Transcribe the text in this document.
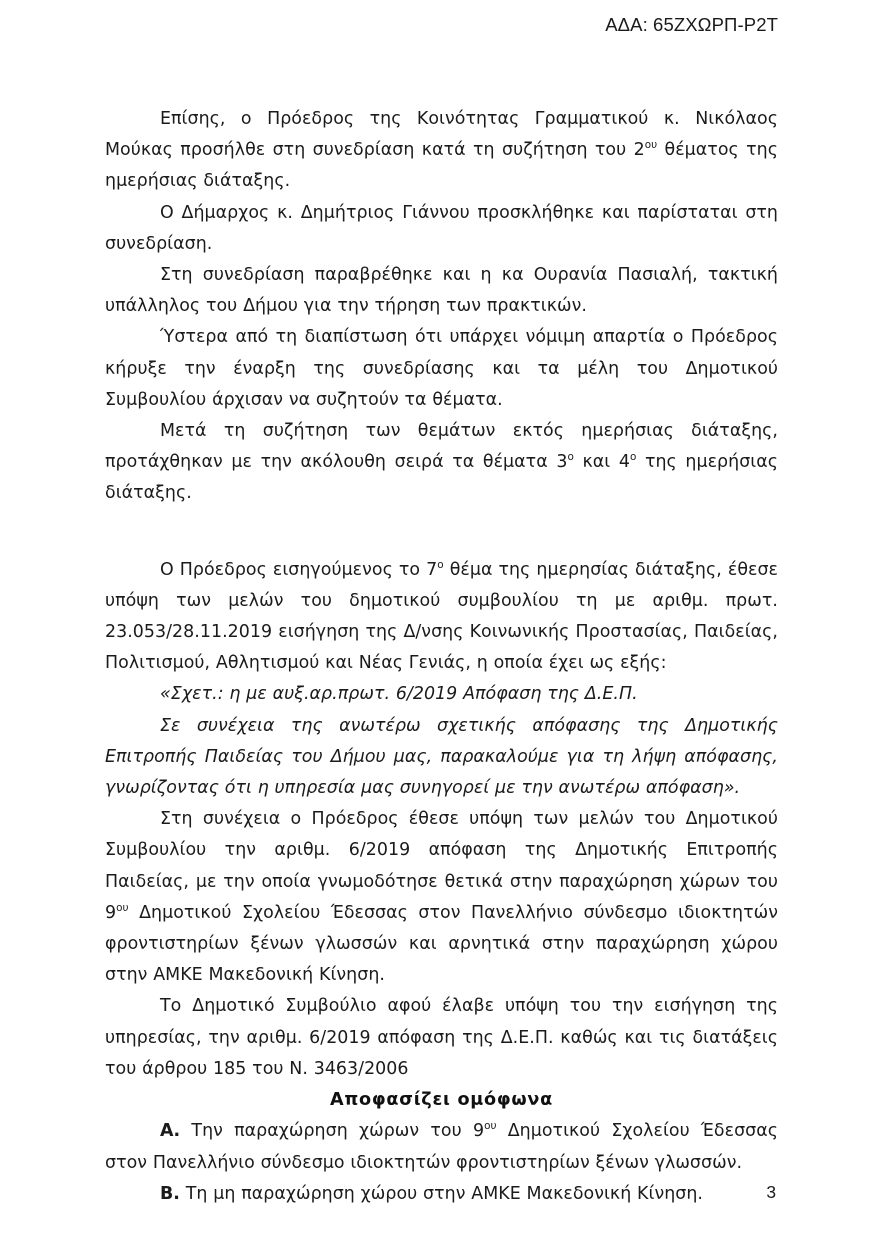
ΑΔΑ: 65ΖΧΩΡΠ-Ρ2Τ

Επίσης, ο Πρόεδρος της Κοινότητας Γραμματικού κ. Νικόλαος Μούκας προσήλθε στη συνεδρίαση κατά τη συζήτηση του $2^{o\upsilon}$ θέματος της ημερήσιας διάταξης.

Ο Δήμαρχος κ. Δημήτριος Γιάννου προσκλήθηκε και παρίσταται στη συνεδρίαση.

Στη συνεδρίαση παραβρέθηκε και η κα Ουρανία Πασιαλή, τακτική υπάλληλος του Δήμου για την τήρηση των πρακτικών.

Ύστερα από τη διαπίστωση ότι υπάρχει νόμιμη απαρτία ο Πρόεδρος κήρυξε την έναρξη της συνεδρίασης και τα μέλη του Δημοτικού Συμβουλίου άρχισαν να συζητούν τα θέματα.

Μετά τη συζήτηση των θεμάτων εκτός ημερήσιας διάταξης, προτάχθηκαν με την ακόλουθη σειρά τα θέματα $3^o$ και $4^o$ της ημερήσιας διάταξης.

Ο Πρόεδρος εισηγούμενος το $7^o$ θέμα της ημερησίας διάταξης, έθεσε υπόψη των μελών του δημοτικού συμβουλίου τη με αριθμ. πρωτ. 23.053/28.11.2019 εισήγηση της Δ/νσης Κοινωνικής Προστασίας, Παιδείας, Πολιτισμού, Αθλητισμού και Νέας Γενιάς, η οποία έχει ως εξής:

«Σχετ.: η με αυξ.αρ.πρωτ. 6/2019 Απόφαση της Δ.Ε.Π.

Σε συνέχεια της ανωτέρω σχετικής απόφασης της Δημοτικής Επιτροπής Παιδείας του Δήμου μας, παρακαλούμε για τη λήψη απόφασης, γνωρίζοντας ότι η υπηρεσία μας συνηγορεί με την ανωτέρω απόφαση».

Στη συνέχεια ο Πρόεδρος έθεσε υπόψη των μελών του Δημοτικού Συμβουλίου την αριθμ. 6/2019 απόφαση της Δημοτικής Επιτροπής Παιδείας, με την οποία γνωμοδότησε θετικά στην παραχώρηση χώρων του $9^{o\upsilon}$ Δημοτικού Σχολείου Έδεσσας στον Πανελλήνιο σύνδεσμο ιδιοκτητών φροντιστηρίων ξένων γλωσσών και αρνητικά στην παραχώρηση χώρου στην ΑΜΚΕ Μακεδονική Κίνηση.

Το Δημοτικό Συμβούλιο αφού έλαβε υπόψη του την εισήγηση της υπηρεσίας, την αριθμ. 6/2019 απόφαση της Δ.Ε.Π. καθώς και τις διατάξεις του άρθρου 185 του Ν. 3463/2006

Αποφασίζει ομόφωνα

Α. Την παραχώρηση χώρων του $9^{o\upsilon}$ Δημοτικού Σχολείου Έδεσσας στον Πανελλήνιο σύνδεσμο ιδιοκτητών φροντιστηρίων ξένων γλωσσών.

Β. Τη μη παραχώρηση χώρου στην ΑΜΚΕ Μακεδονική Κίνηση.	3
